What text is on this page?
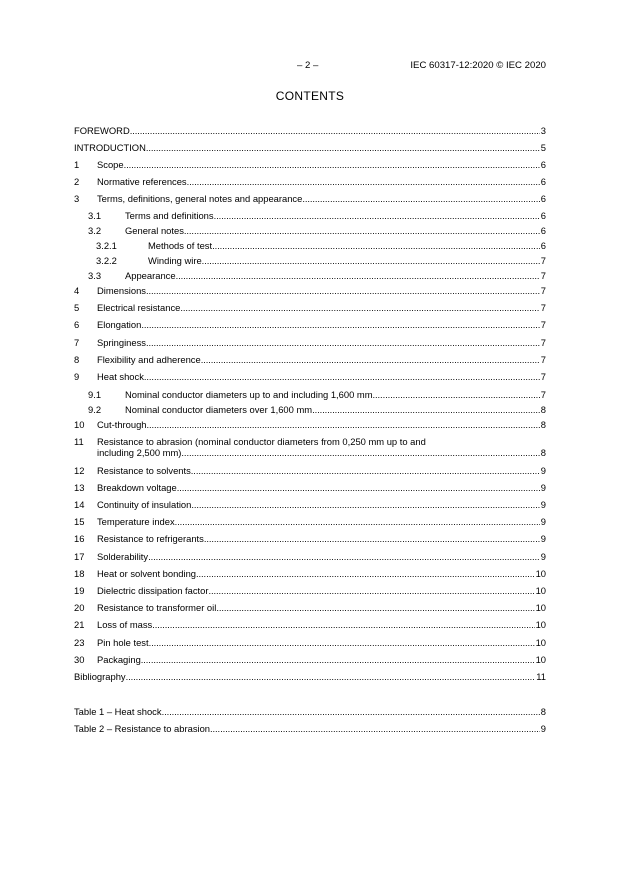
– 2 –	IEC 60317-12:2020 © IEC 2020
CONTENTS
FOREWORD . . .	3
INTRODUCTION . . .	5
1	Scope . . .	6
2	Normative references . . .	6
3	Terms, definitions, general notes and appearance . . .	6
3.1	Terms and definitions . . .	6
3.2	General notes . . .	6
3.2.1	Methods of test . . .	6
3.2.2	Winding wire . . .	7
3.3	Appearance . . .	7
4	Dimensions . . .	7
5	Electrical resistance . . .	7
6	Elongation . . .	7
7	Springiness . . .	7
8	Flexibility and adherence . . .	7
9	Heat shock . . .	7
9.1	Nominal conductor diameters up to and including 1,600 mm . . .	7
9.2	Nominal conductor diameters over 1,600 mm . . .	8
10	Cut-through . . .	8
11	Resistance to abrasion (nominal conductor diameters from 0,250 mm up to and
including 2,500 mm) . . .	8
12	Resistance to solvents . . .	9
13	Breakdown voltage . . .	9
14	Continuity of insulation . . .	9
15	Temperature index . . .	9
16	Resistance to refrigerants . . .	9
17	Solderability . . .	9
18	Heat or solvent bonding . . .	10
19	Dielectric dissipation factor . . .	10
20	Resistance to transformer oil . . .	10
21	Loss of mass . . .	10
23	Pin hole test . . .	10
30	Packaging . . .	10
Bibliography . . .	11
Table 1 – Heat shock . . .	8
Table 2 – Resistance to abrasion . . .	9
